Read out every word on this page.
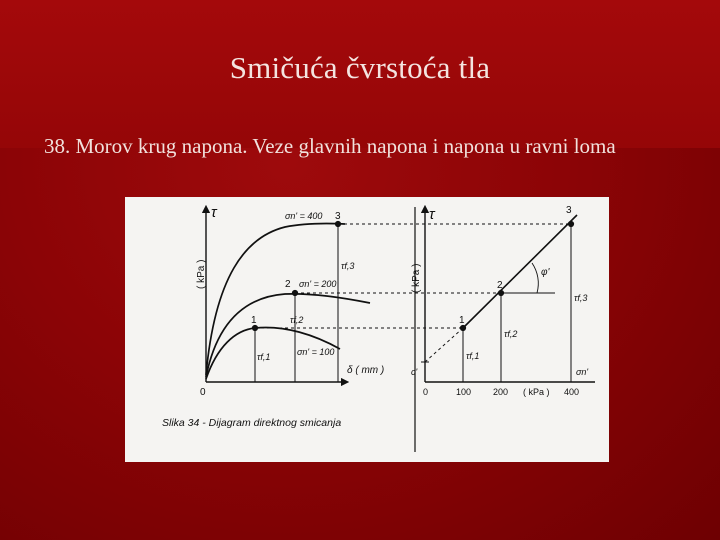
Smičuća čvrstoća tla
38. Morov krug napona. Veze glavnih napona i napona u ravni loma
τ
( kPa )
0
δ ( mm )
3
σn' = 400
τf,3
2 σn' = 200
τf,2
1
σn' = 100
τf,1
τ
( kPa )
c'
φ'
0	100 200 ( kPa ) 400
σn'
1
2
3
τf,1
τf,2
τf,3
Slika 34 - Dijagram direktnog smicanja
